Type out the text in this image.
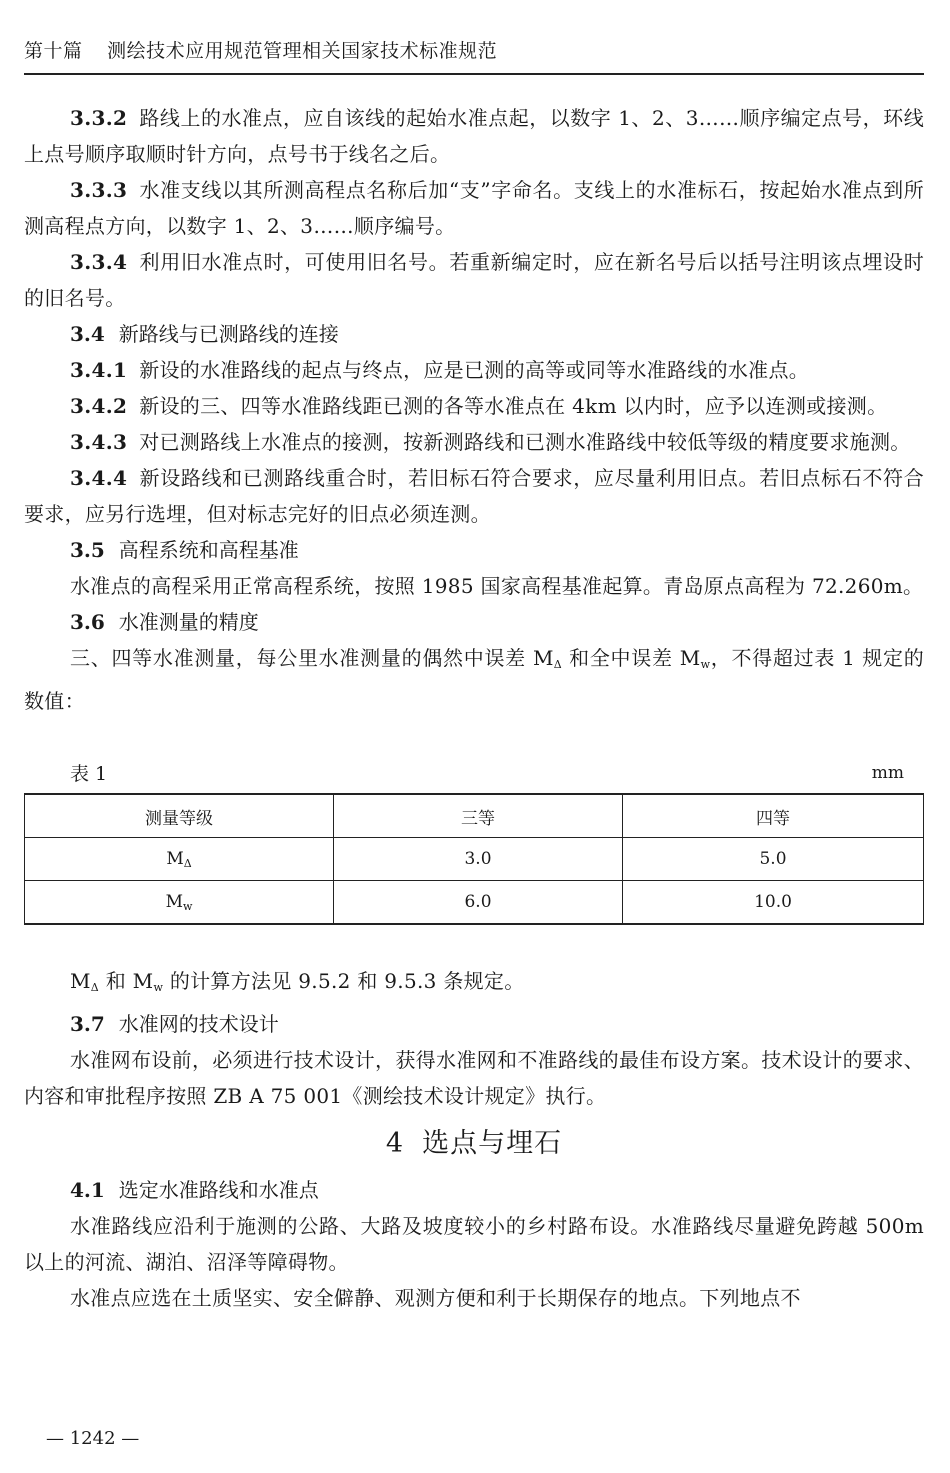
第十篇 测绘技术应用规范管理相关国家技术标准规范

3.3.2 路线上的水准点，应自该线的起始水准点起，以数字 1、2、3……顺序编定点号，环线上点号顺序取顺时针方向，点号书于线名之后。

3.3.3 水准支线以其所测高程点名称后加“支”字命名。支线上的水准标石，按起始水准点到所测高程点方向，以数字 1、2、3……顺序编号。

3.3.4 利用旧水准点时，可使用旧名号。若重新编定时，应在新名号后以括号注明该点埋设时的旧名号。

3.4 新路线与已测路线的连接

3.4.1 新设的水准路线的起点与终点，应是已测的高等或同等水准路线的水准点。

3.4.2 新设的三、四等水准路线距已测的各等水准点在 4km 以内时，应予以连测或接测。

3.4.3 对已测路线上水准点的接测，按新测路线和已测水准路线中较低等级的精度要求施测。

3.4.4 新设路线和已测路线重合时，若旧标石符合要求，应尽量利用旧点。若旧点标石不符合要求，应另行选埋，但对标志完好的旧点必须连测。

3.5 高程系统和高程基准

水准点的高程采用正常高程系统，按照 1985 国家高程基准起算。青岛原点高程为 72.260m。

3.6 水准测量的精度

三、四等水准测量，每公里水准测量的偶然中误差 $M_\Delta$ 和全中误差 $M_w$，不得超过表 1 规定的数值：

表 1	mm
测量等级	三等	四等
$M_\Delta$	3.0	5.0
$M_w$	6.0	10.0

$M_\Delta$ 和 $M_w$ 的计算方法见 9.5.2 和 9.5.3 条规定。

3.7 水准网的技术设计

水准网布设前，必须进行技术设计，获得水准网和不准路线的最佳布设方案。技术设计的要求、内容和审批程序按照 ZB A 75 001《测绘技术设计规定》执行。

4 选点与埋石

4.1 选定水准路线和水准点

水准路线应沿利于施测的公路、大路及坡度较小的乡村路布设。水准路线尽量避免跨越 500m 以上的河流、湖泊、沼泽等障碍物。

水准点应选在土质坚实、安全僻静、观测方便和利于长期保存的地点。下列地点不

— 1242 —
